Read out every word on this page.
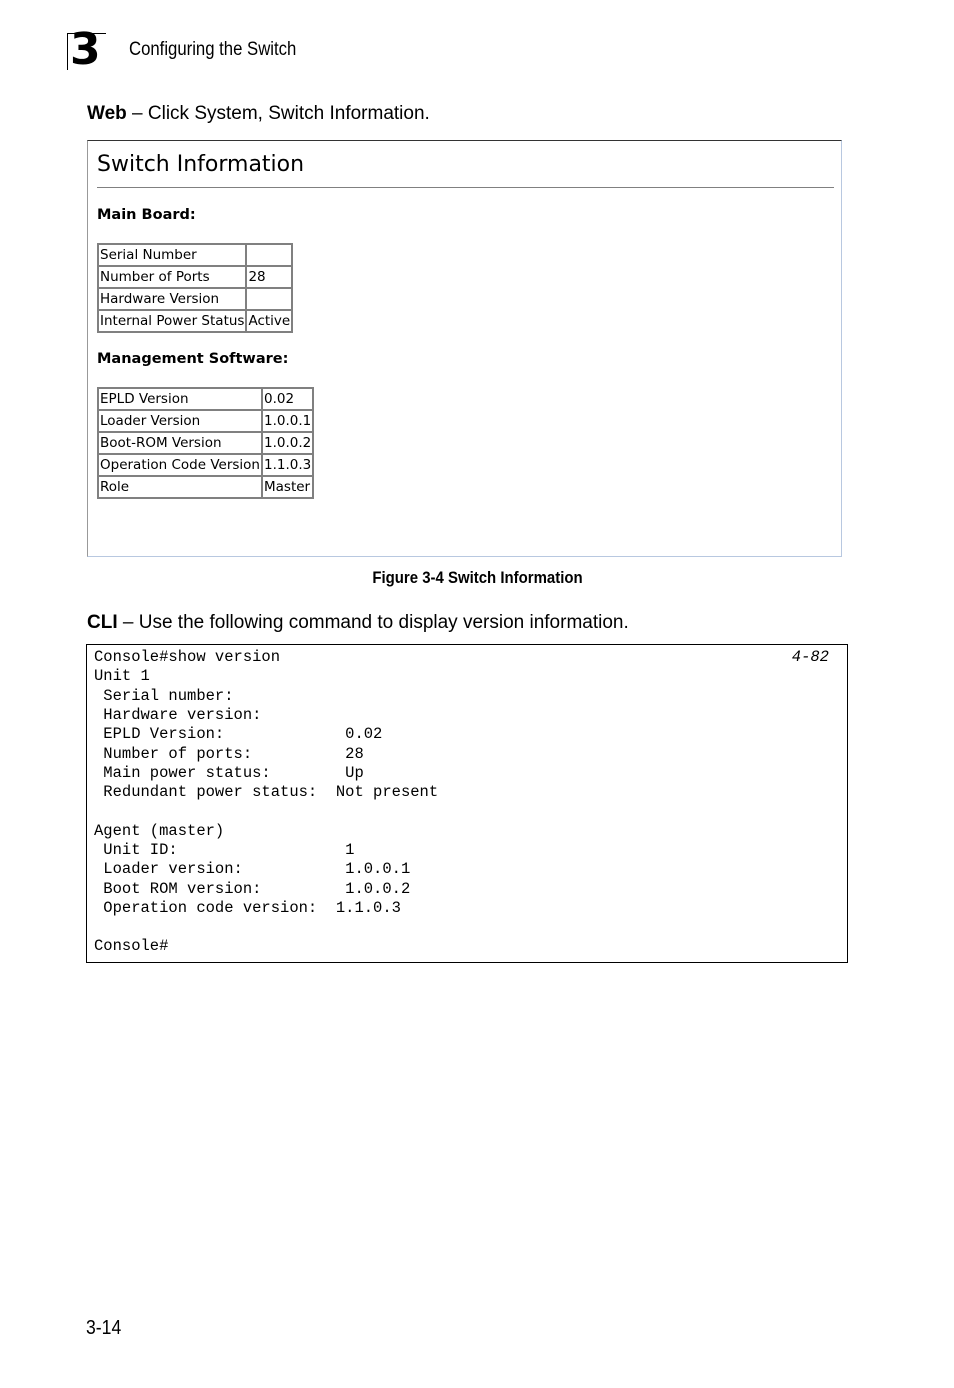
3 Configuring the Switch
Web – Click System, Switch Information.
Switch Information
Main Board:
Serial Number	
Number of Ports	28
Hardware Version	
Internal Power Status	Active
Management Software:
EPLD Version	0.02
Loader Version	1.0.0.1
Boot-ROM Version	1.0.0.2
Operation Code Version	1.1.0.3
Role	Master
Figure 3-4 Switch Information
CLI – Use the following command to display version information.
4-82
Console#show version
Unit 1
Serial number:
Hardware version:
EPLD Version:             0.02
Number of ports:          28
Main power status:        Up
Redundant power status:  Not present
Agent (master)
Unit ID:                  1
Loader version:           1.0.0.1
Boot ROM version:         1.0.0.2
Operation code version:  1.1.0.3
Console#
3-14
